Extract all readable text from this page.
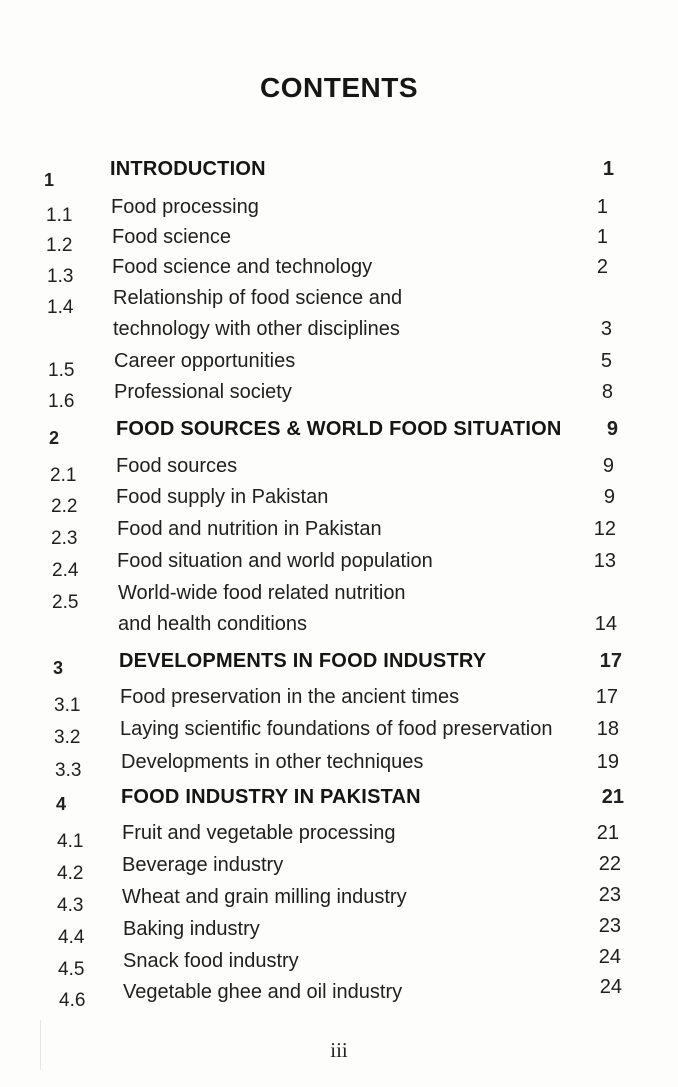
CONTENTS
1	INTRODUCTION	1
1.1 Food processing	1
1.2 Food science	1
1.3 Food science and technology	2
1.4 Relationship of food science and
technology with other disciplines	3
1.5 Career opportunities	5
1.6 Professional society	8
2	FOOD SOURCES & WORLD FOOD SITUATION 9
2.1 Food sources	9
2.2 Food supply in Pakistan	9
2.3 Food and nutrition in Pakistan	12
2.4 Food situation and world population	13
2.5 World-wide food related nutrition
and health conditions	14
3	DEVELOPMENTS IN FOOD INDUSTRY	17
3.1 Food preservation in the ancient times	17
3.2 Laying scientific foundations of food preservation 18
3.3 Developments in other techniques	19
4	FOOD INDUSTRY IN PAKISTAN	21
4.1 Fruit and vegetable processing	21
4.2 Beverage industry	22
4.3 Wheat and grain milling industry	23
4.4 Baking industry	23
4.5 Snack food industry	24
4.6 Vegetable ghee and oil industry	24
iii
